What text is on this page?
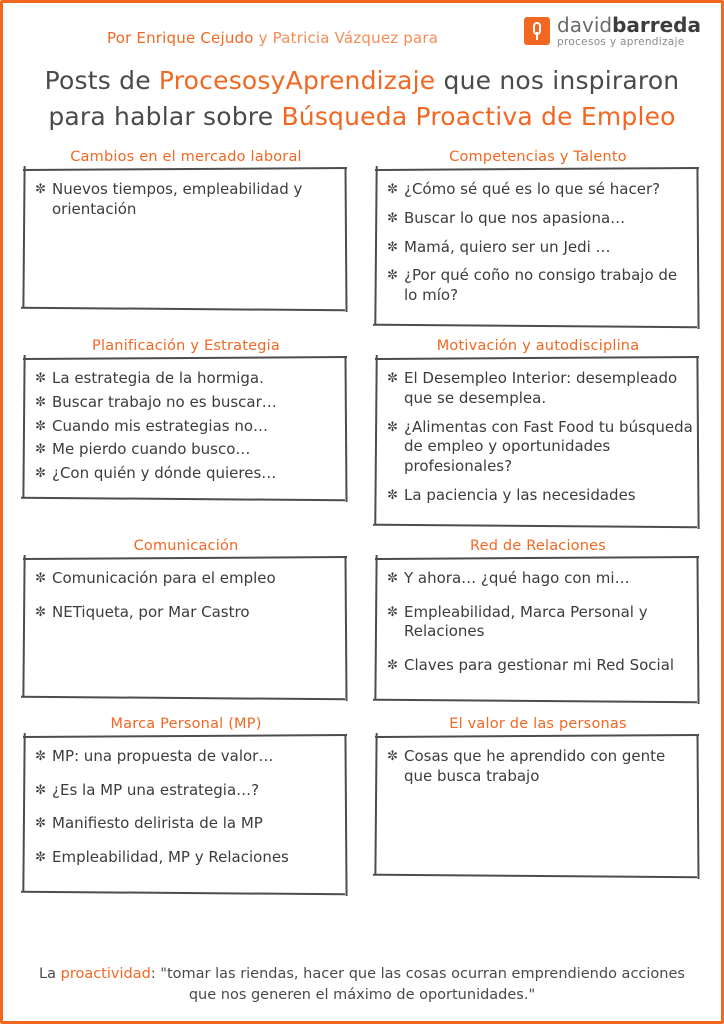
Por Enrique Cejudo y Patricia Vázquez para
davidbarreda
procesos y aprendizaje
Posts de ProcesosyAprendizaje que nos inspiraron
para hablar sobre Búsqueda Proactiva de Empleo
Cambios en el mercado laboral
✼ Nuevos tiempos, empleabilidad y orientación
Competencias y Talento
✼ ¿Cómo sé qué es lo que sé hacer?
✼ Buscar lo que nos apasiona…
✼ Mamá, quiero ser un Jedi …
✼ ¿Por qué coño no consigo trabajo de lo mío?
Planificación y Estrategia
✼ La estrategia de la hormiga.
✼ Buscar trabajo no es buscar…
✼ Cuando mis estrategias no…
✼ Me pierdo cuando busco…
✼ ¿Con quién y dónde quieres…
Motivación y autodisciplina
✼ El Desempleo Interior: desempleado que se desemplea.
✼ ¿Alimentas con Fast Food tu búsqueda de empleo y oportunidades profesionales?
✼ La paciencia y las necesidades
Comunicación
✼ Comunicación para el empleo
✼ NETiqueta, por Mar Castro
Red de Relaciones
✼ Y ahora… ¿qué hago con mi…
✼ Empleabilidad, Marca Personal y Relaciones
✼ Claves para gestionar mi Red Social
Marca Personal (MP)
✼ MP: una propuesta de valor…
✼ ¿Es la MP una estrategia…?
✼ Manifiesto delirista de la MP
✼ Empleabilidad, MP y Relaciones
El valor de las personas
✼ Cosas que he aprendido con gente que busca trabajo
La proactividad: "tomar las riendas, hacer que las cosas ocurran emprendiendo acciones que nos generen el máximo de oportunidades."
